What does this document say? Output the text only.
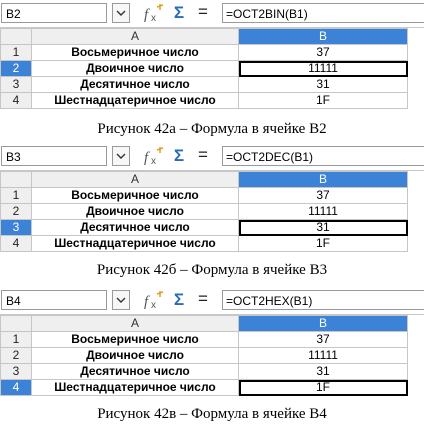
B2	f x Σ =	=OCT2BIN(B1)
	A	B
1	Восьмеричное число	37
2	Двоичное число	11111
3	Десятичное число	31
4	Шестнадцатеричное число	1F
Рисунок 42а – Формула в ячейке B2
B3	f x Σ =	=OCT2DEC(B1)
	A	B
1	Восьмеричное число	37
2	Двоичное число	11111
3	Десятичное число	31
4	Шестнадцатеричное число	1F
Рисунок 42б – Формула в ячейке B3
B4	f x Σ =	=OCT2HEX(B1)
	A	B
1	Восьмеричное число	37
2	Двоичное число	11111
3	Десятичное число	31
4	Шестнадцатеричное число	1F
Рисунок 42в – Формула в ячейке B4
